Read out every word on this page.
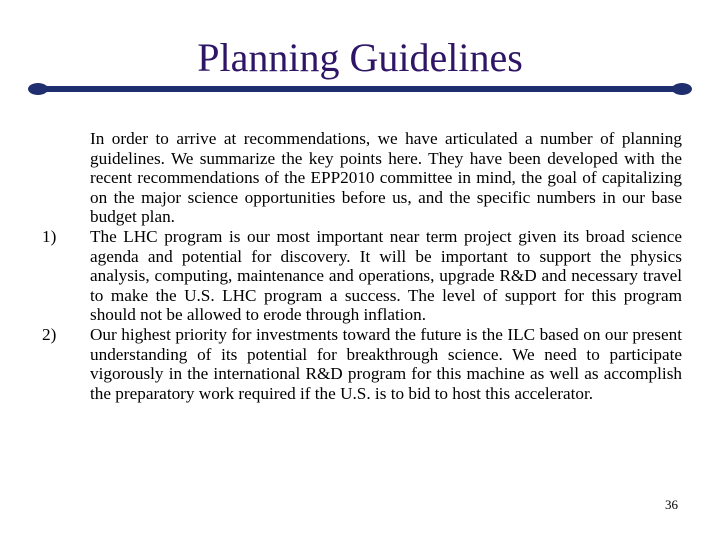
Planning Guidelines

In order to arrive at recommendations, we have articulated a number of planning guidelines. We summarize the key points here. They have been developed with the recent recommendations of the EPP2010 committee in mind, the goal of capitalizing on the major science opportunities before us, and the specific numbers in our base budget plan.

1)	The LHC program is our most important near term project given its broad science agenda and potential for discovery. It will be important to support the physics analysis, computing, maintenance and operations, upgrade R&D and necessary travel to make the U.S. LHC program a success. The level of support for this program should not be allowed to erode through inflation.
2)	Our highest priority for investments toward the future is the ILC based on our present understanding of its potential for breakthrough science. We need to participate vigorously in the international R&D program for this machine as well as accomplish the preparatory work required if the U.S. is to bid to host this accelerator.
36
